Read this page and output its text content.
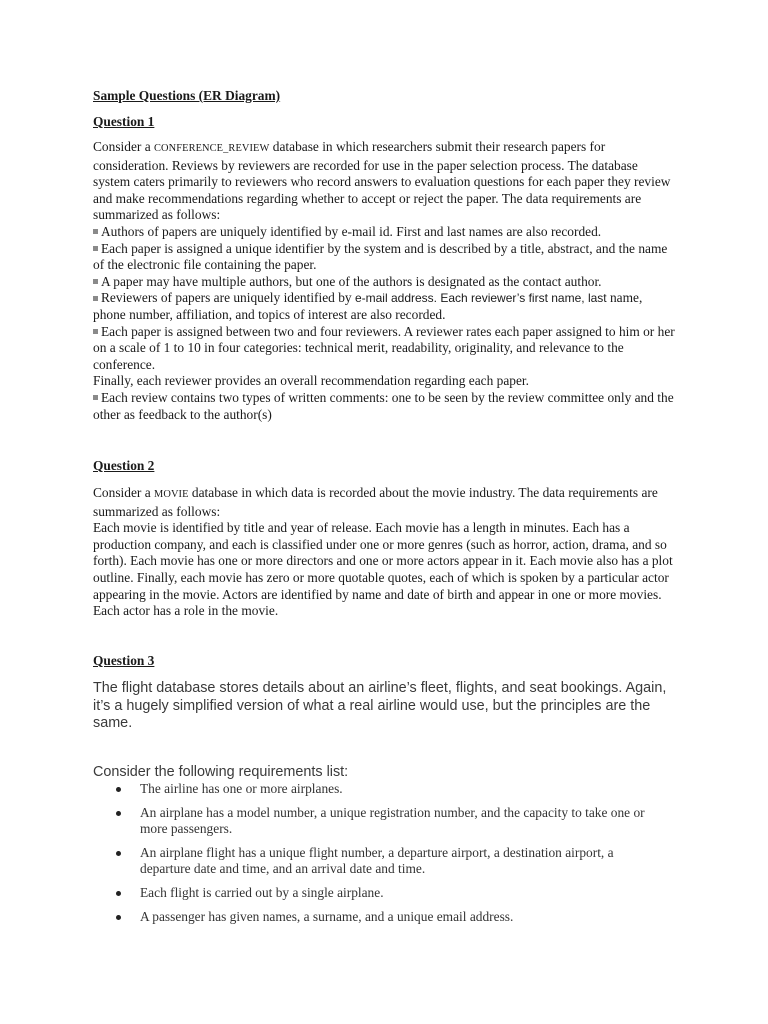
Sample Questions (ER Diagram)
Question 1
Consider a CONFERENCE_REVIEW database in which researchers submit their research papers for consideration. Reviews by reviewers are recorded for use in the paper selection process. The database system caters primarily to reviewers who record answers to evaluation questions for each paper they review and make recommendations regarding whether to accept or reject the paper. The data requirements are summarized as follows:
Authors of papers are uniquely identified by e-mail id. First and last names are also recorded.
Each paper is assigned a unique identifier by the system and is described by a title, abstract, and the name of the electronic file containing the paper.
A paper may have multiple authors, but one of the authors is designated as the contact author.
Reviewers of papers are uniquely identified by e-mail address. Each reviewer’s first name, last name, phone number, affiliation, and topics of interest are also recorded.
Each paper is assigned between two and four reviewers. A reviewer rates each paper assigned to him or her on a scale of 1 to 10 in four categories: technical merit, readability, originality, and relevance to the conference.
Finally, each reviewer provides an overall recommendation regarding each paper.
Each review contains two types of written comments: one to be seen by the review committee only and the other as feedback to the author(s)
Question 2
Consider a MOVIE database in which data is recorded about the movie industry. The data requirements are summarized as follows:
Each movie is identified by title and year of release. Each movie has a length in minutes. Each has a production company, and each is classified under one or more genres (such as horror, action, drama, and so forth). Each movie has one or more directors and one or more actors appear in it. Each movie also has a plot outline. Finally, each movie has zero or more quotable quotes, each of which is spoken by a particular actor appearing in the movie. Actors are identified by name and date of birth and appear in one or more movies. Each actor has a role in the movie.
Question 3
The flight database stores details about an airline’s fleet, flights, and seat bookings. Again, it’s a hugely simplified version of what a real airline would use, but the principles are the same.
Consider the following requirements list:
The airline has one or more airplanes.
An airplane has a model number, a unique registration number, and the capacity to take one or more passengers.
An airplane flight has a unique flight number, a departure airport, a destination airport, a departure date and time, and an arrival date and time.
Each flight is carried out by a single airplane.
A passenger has given names, a surname, and a unique email address.
